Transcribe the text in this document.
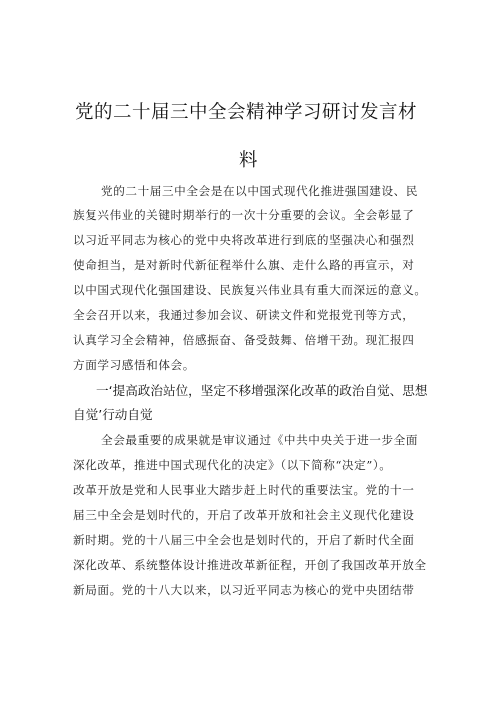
党的二十届三中全会精神学习研讨发言材
料
党的二十届三中全会是在以中国式现代化推进强国建设、民
族复兴伟业的关键时期举行的一次十分重要的会议。全会彰显了
以习近平同志为核心的党中央将改革进行到底的坚强决心和强烈
使命担当，是对新时代新征程举什么旗、走什么路的再宣示，对
以中国式现代化强国建设、民族复兴伟业具有重大而深远的意义。
全会召开以来，我通过参加会议、研读文件和党报党刊等方式，
认真学习全会精神，倍感振奋、备受鼓舞、倍增干劲。现汇报四
方面学习感悟和体会。
一‘提高政治站位，坚定不移增强深化改革的政治自觉、思想
自觉’行动自觉
全会最重要的成果就是审议通过《中共中央关于进一步全面
深化改革，推进中国式现代化的决定》（以下简称“决定”）。
改革开放是党和人民事业大踏步赶上时代的重要法宝。党的十一
届三中全会是划时代的，开启了改革开放和社会主义现代化建设
新时期。党的十八届三中全会也是划时代的，开启了新时代全面
深化改革、系统整体设计推进改革新征程，开创了我国改革开放全
新局面。党的十八大以来，以习近平同志为核心的党中央团结带
